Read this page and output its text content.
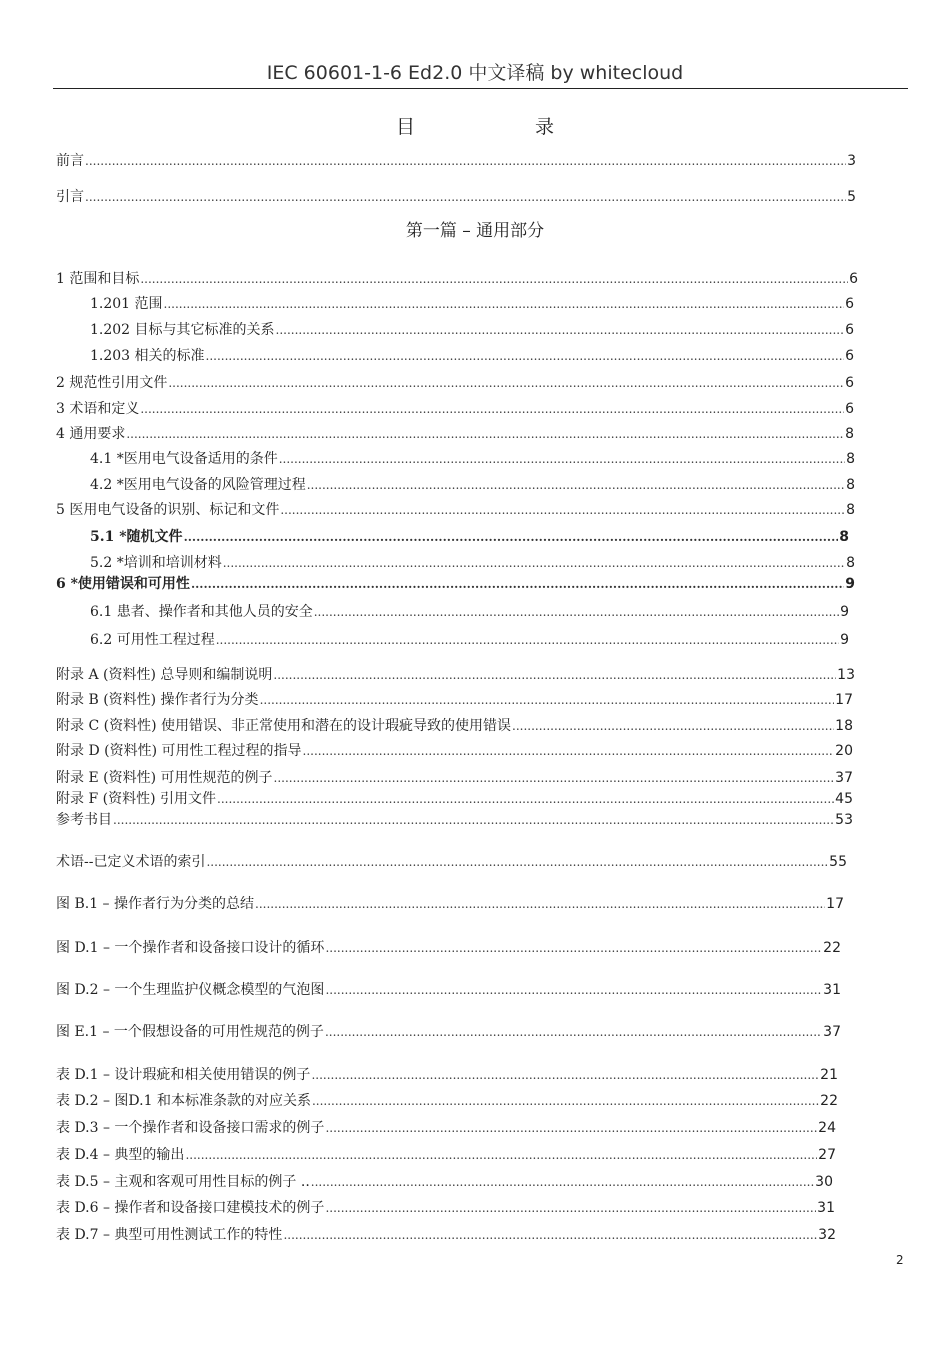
IEC 60601-1-6 Ed2.0 中文译稿 by whitecloud
目	录
前言 .....	3
引言 .....	5
第一篇 – 通用部分
1 范围和目标 .....	6
1.201 范围 .....	6
1.202 目标与其它标准的关系 .....	6
1.203 相关的标准 .....	6
2 规范性引用文件 .....	6
3 术语和定义 .....	6
4 通用要求 .....	8
4.1 *医用电气设备适用的条件 .....	8
4.2 *医用电气设备的风险管理过程 .....	8
5 医用电气设备的识别、标记和文件 .....	8
5.1 *随机文件 .....	8
5.2 *培训和培训材料 .....	8
6 *使用错误和可用性 .....	9
6.1 患者、操作者和其他人员的安全 .....	9
6.2 可用性工程过程 .....	9
附录 A (资料性) 总导则和编制说明 .....	13
附录 B (资料性) 操作者行为分类 .....	17
附录 C (资料性) 使用错误、非正常使用和潜在的设计瑕疵导致的使用错误 .....	18
附录 D (资料性) 可用性工程过程的指导 .....	20
附录 E (资料性) 可用性规范的例子 .....	37
附录 F (资料性) 引用文件 .....	45
参考书目 .....	53
术语--已定义术语的索引 .....	55
图 B.1 – 操作者行为分类的总结 .....	17
图 D.1 – 一个操作者和设备接口设计的循环 .....	22
图 D.2 – 一个生理监护仪概念模型的气泡图 .....	31
图 E.1 – 一个假想设备的可用性规范的例子 .....	37
表 D.1 – 设计瑕疵和相关使用错误的例子 .....	21
表 D.2 – 图D.1 和本标准条款的对应关系 .....	22
表 D.3 – 一个操作者和设备接口需求的例子 .....	24
表 D.4 – 典型的输出 .....	27
表 D.5 – 主观和客观可用性目标的例子 .. .....	30
表 D.6 – 操作者和设备接口建模技术的例子 .....	31
表 D.7 – 典型可用性测试工作的特性 .....	32
2
